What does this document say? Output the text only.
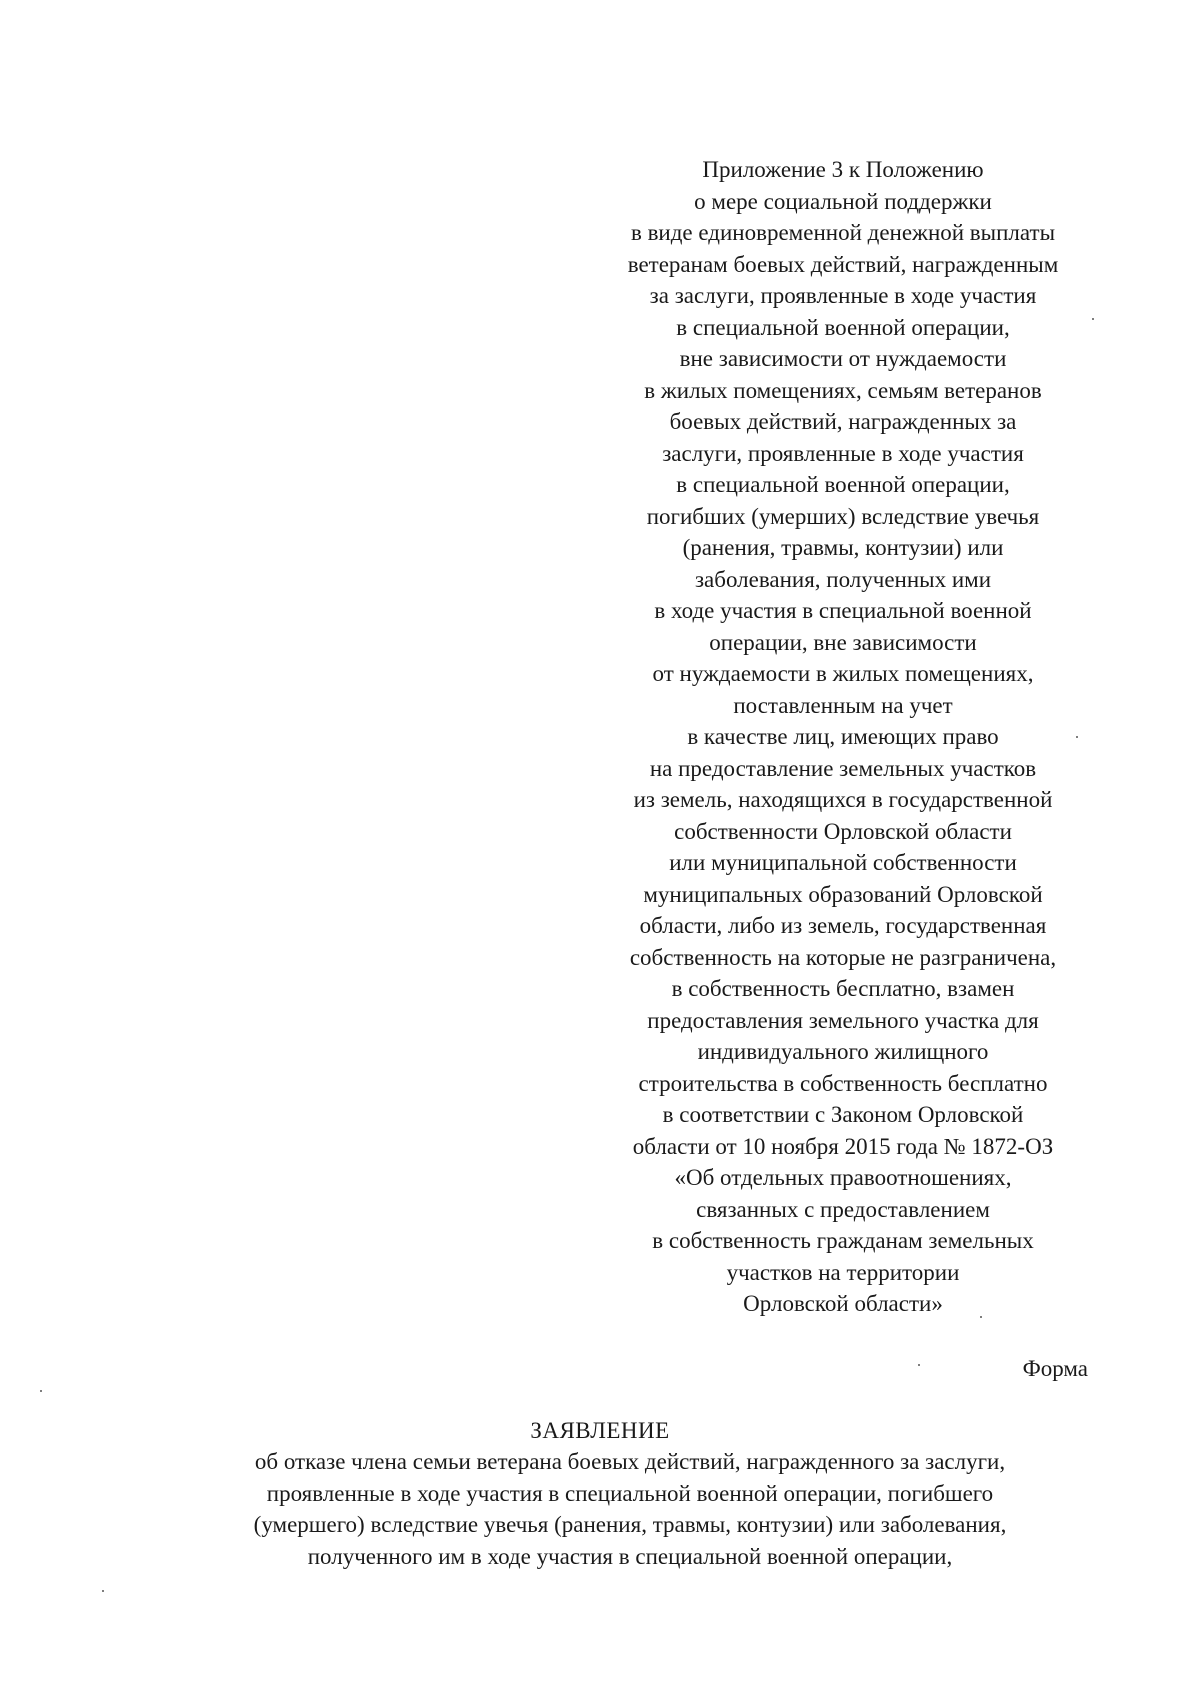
Приложение 3 к Положению
о мере социальной поддержки
в виде единовременной денежной выплаты
ветеранам боевых действий, награжденным
за заслуги, проявленные в ходе участия
в специальной военной операции,
вне зависимости от нуждаемости
в жилых помещениях, семьям ветеранов
боевых действий, награжденных за
заслуги, проявленные в ходе участия
в специальной военной операции,
погибших (умерших) вследствие увечья
(ранения, травмы, контузии) или
заболевания, полученных ими
в ходе участия в специальной военной
операции, вне зависимости
от нуждаемости в жилых помещениях,
поставленным на учет
в качестве лиц, имеющих право
на предоставление земельных участков
из земель, находящихся в государственной
собственности Орловской области
или муниципальной собственности
муниципальных образований Орловской
области, либо из земель, государственная
собственность на которые не разграничена,
в собственность бесплатно, взамен
предоставления земельного участка для
индивидуального жилищного
строительства в собственность бесплатно
в соответствии с Законом Орловской
области от 10 ноября 2015 года № 1872-ОЗ
«Об отдельных правоотношениях,
связанных с предоставлением
в собственность гражданам земельных
участков на территории
Орловской области»
Форма
ЗАЯВЛЕНИЕ
об отказе члена семьи ветерана боевых действий, награжденного за заслуги,
проявленные в ходе участия в специальной военной операции, погибшего
(умершего) вследствие увечья (ранения, травмы, контузии) или заболевания,
полученного им в ходе участия в специальной военной операции,
